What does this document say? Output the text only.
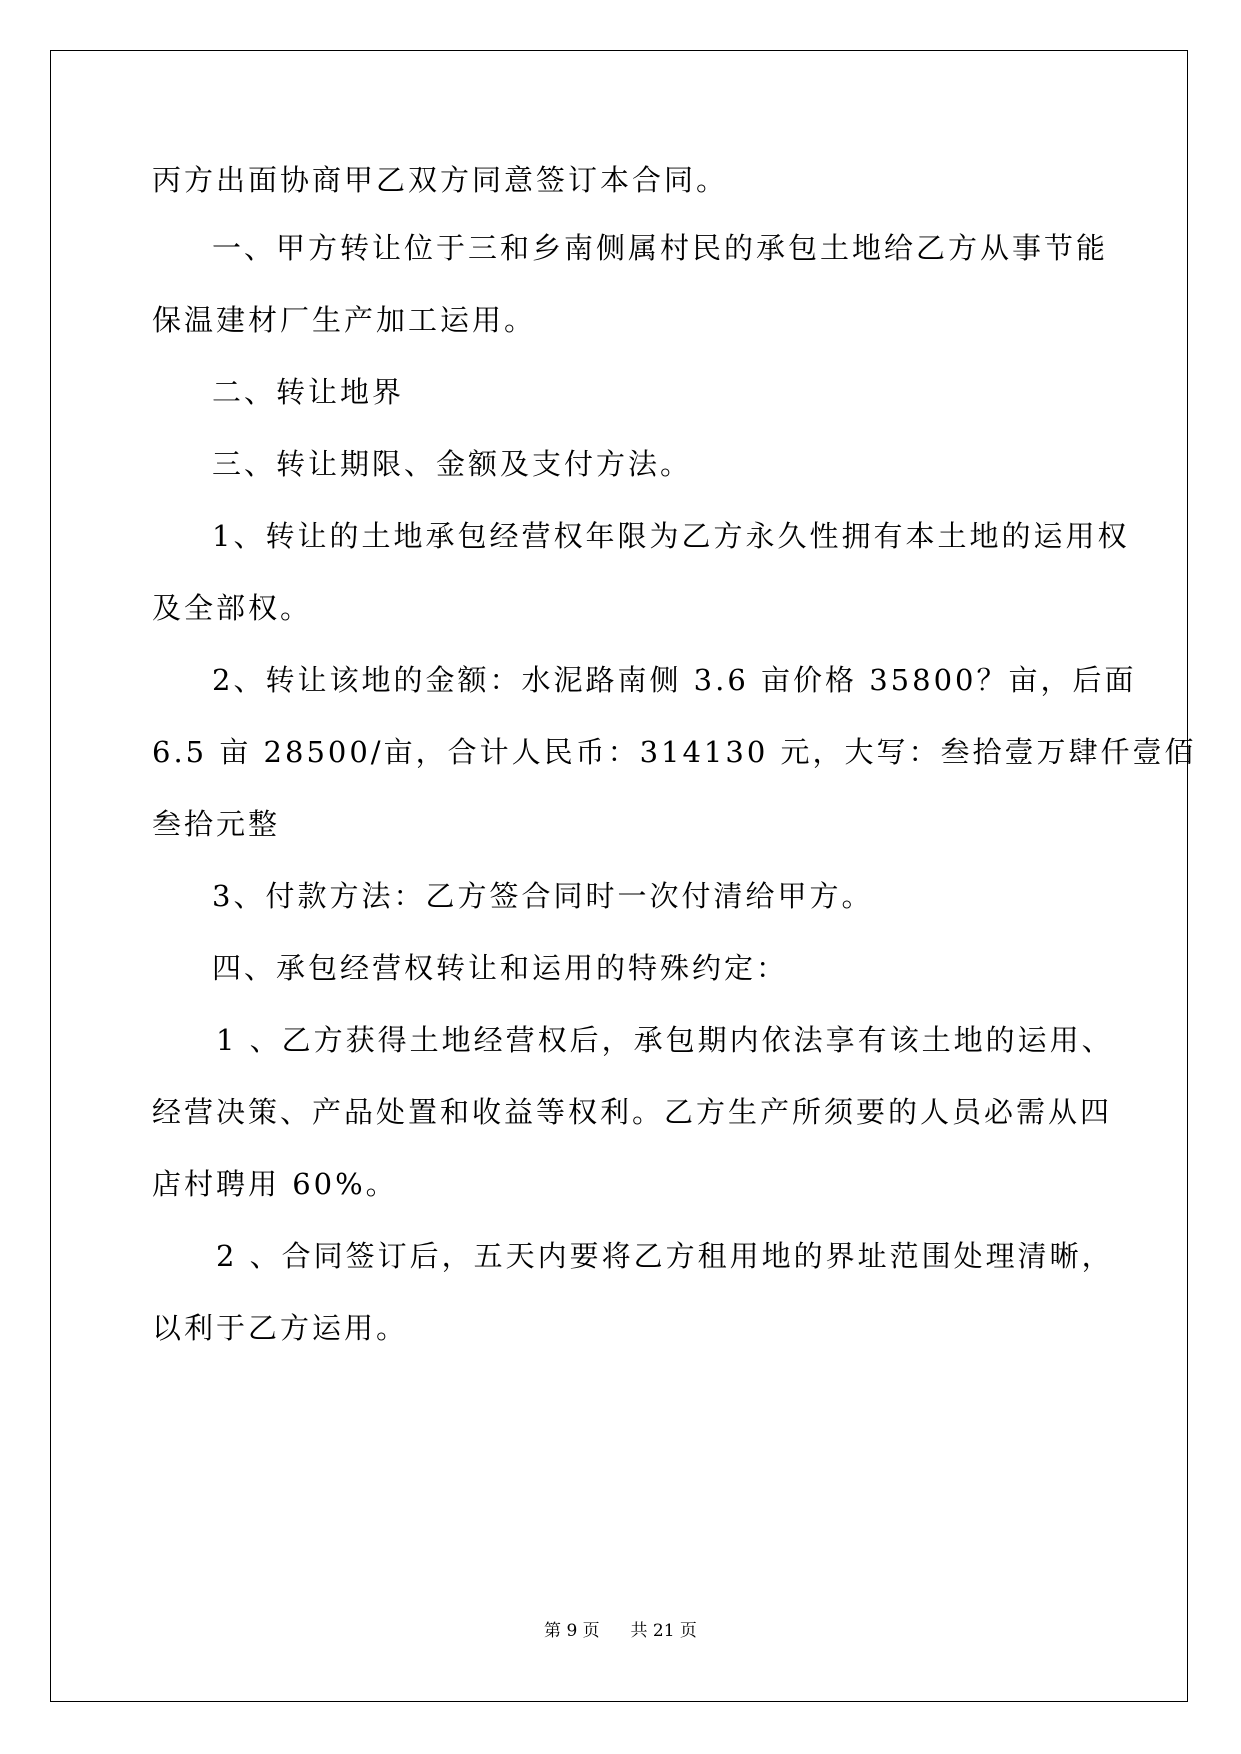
丙方出面协商甲乙双方同意签订本合同。
一、甲方转让位于三和乡南侧属村民的承包土地给乙方从事节能
保温建材厂生产加工运用。
二、转让地界
三、转让期限、金额及支付方法。
1、转让的土地承包经营权年限为乙方永久性拥有本土地的运用权
及全部权。
2、转让该地的金额：水泥路南侧 3.6 亩价格 35800？亩，后面
6.5 亩 28500/亩，合计人民币：314130 元，大写：叁拾壹万肆仟壹佰
叁拾元整
3、付款方法：乙方签合同时一次付清给甲方。
四、承包经营权转让和运用的特殊约定：
1 、乙方获得土地经营权后，承包期内依法享有该土地的运用、
经营决策、产品处置和收益等权利。乙方生产所须要的人员必需从四
店村聘用 60%。
2 、合同签订后，五天内要将乙方租用地的界址范围处理清晰，
以利于乙方运用。
第 9 页 共 21 页
